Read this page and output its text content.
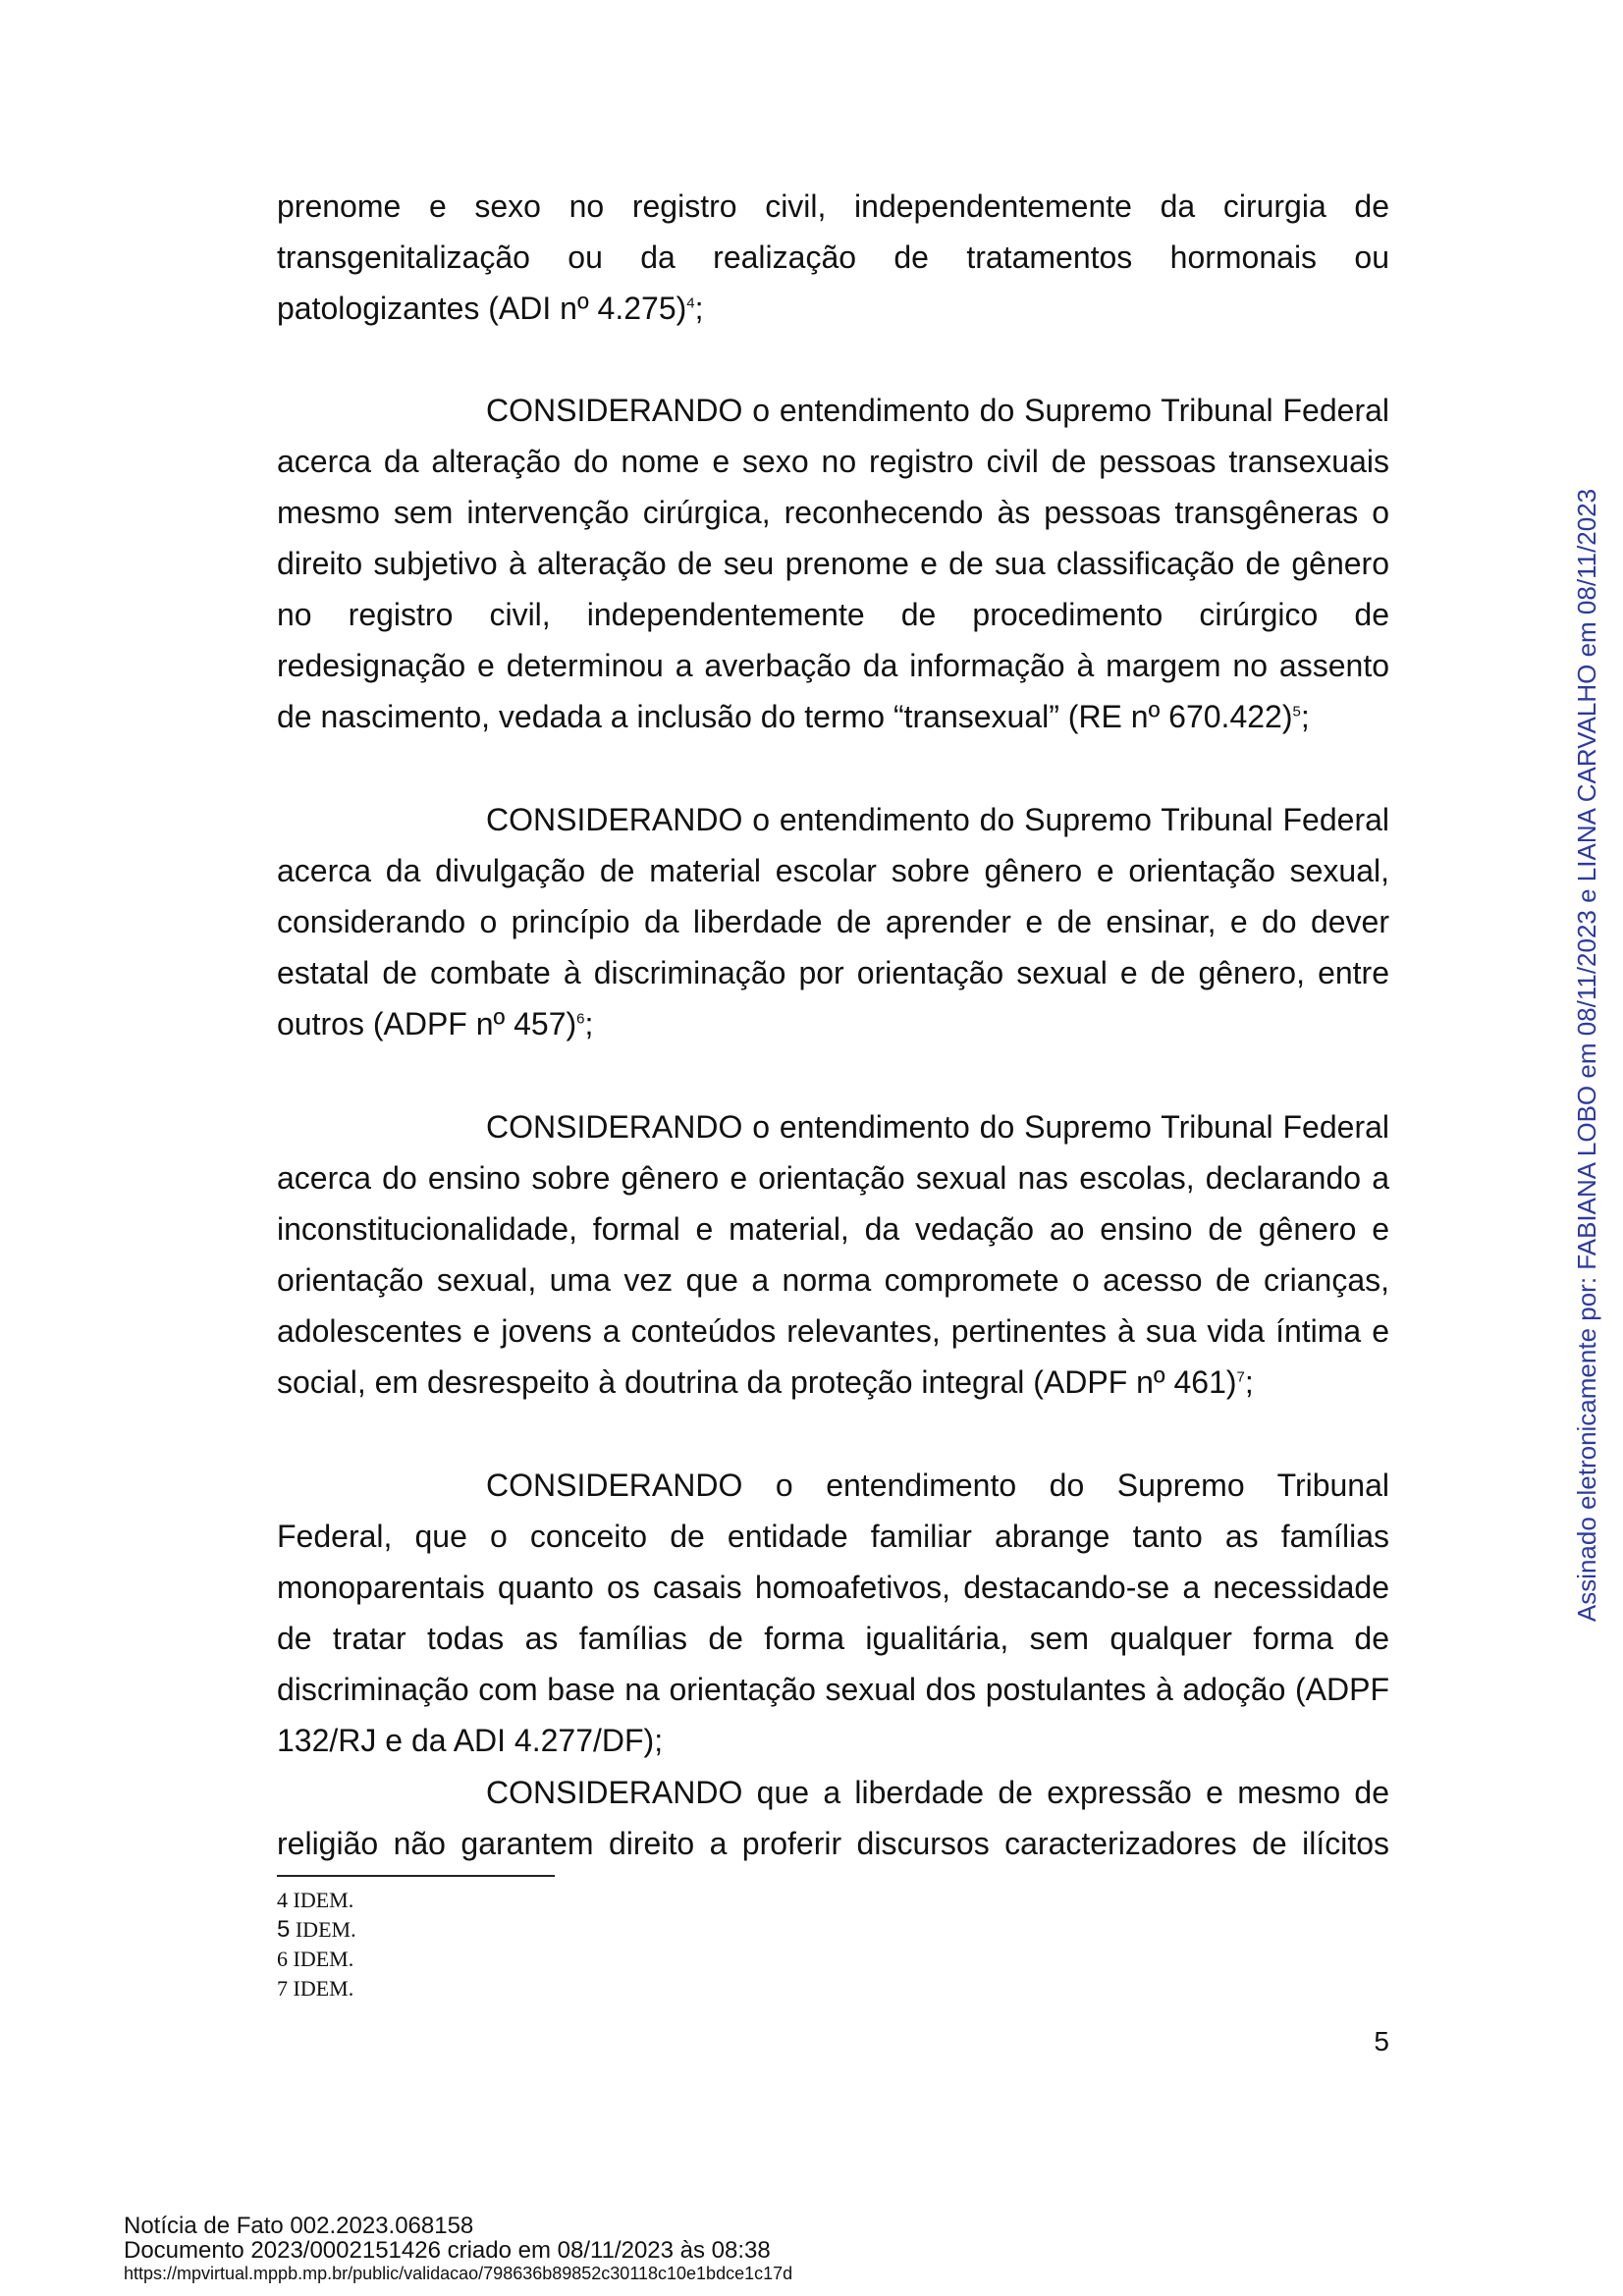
prenome e sexo no registro civil, independentemente da cirurgia de transgenitalização ou da realização de tratamentos hormonais ou patologizantes (ADI nº 4.275)$^4$;

CONSIDERANDO o entendimento do Supremo Tribunal Federal acerca da alteração do nome e sexo no registro civil de pessoas transexuais mesmo sem intervenção cirúrgica, reconhecendo às pessoas transgêneras o direito subjetivo à alteração de seu prenome e de sua classificação de gênero no registro civil, independentemente de procedimento cirúrgico de redesignação e determinou a averbação da informação à margem no assento de nascimento, vedada a inclusão do termo “transexual” (RE nº 670.422)$^5$;

CONSIDERANDO o entendimento do Supremo Tribunal Federal acerca da divulgação de material escolar sobre gênero e orientação sexual, considerando o princípio da liberdade de aprender e de ensinar, e do dever estatal de combate à discriminação por orientação sexual e de gênero, entre outros (ADPF nº 457)$^6$;

CONSIDERANDO o entendimento do Supremo Tribunal Federal acerca do ensino sobre gênero e orientação sexual nas escolas, declarando a inconstitucionalidade, formal e material, da vedação ao ensino de gênero e orientação sexual, uma vez que a norma compromete o acesso de crianças, adolescentes e jovens a conteúdos relevantes, pertinentes à sua vida íntima e social, em desrespeito à doutrina da proteção integral (ADPF nº 461)$^7$;

CONSIDERANDO o entendimento do Supremo Tribunal Federal, que o conceito de entidade familiar abrange tanto as famílias monoparentais quanto os casais homoafetivos, destacando-se a necessidade de tratar todas as famílias de forma igualitária, sem qualquer forma de discriminação com base na orientação sexual dos postulantes à adoção (ADPF 132/RJ e da ADI 4.277/DF);

CONSIDERANDO que a liberdade de expressão e mesmo de religião não garantem direito a proferir discursos caracterizadores de ilícitos

4 IDEM.
5 IDEM.
6 IDEM.
7 IDEM.
5
Assinado eletronicamente por: FABIANA LOBO em 08/11/2023 e LIANA CARVALHO em 08/11/2023
Notícia de Fato 002.2023.068158
Documento 2023/0002151426 criado em 08/11/2023 às 08:38
https://mpvirtual.mppb.mp.br/public/validacao/798636b89852c30118c10e1bdce1c17d
